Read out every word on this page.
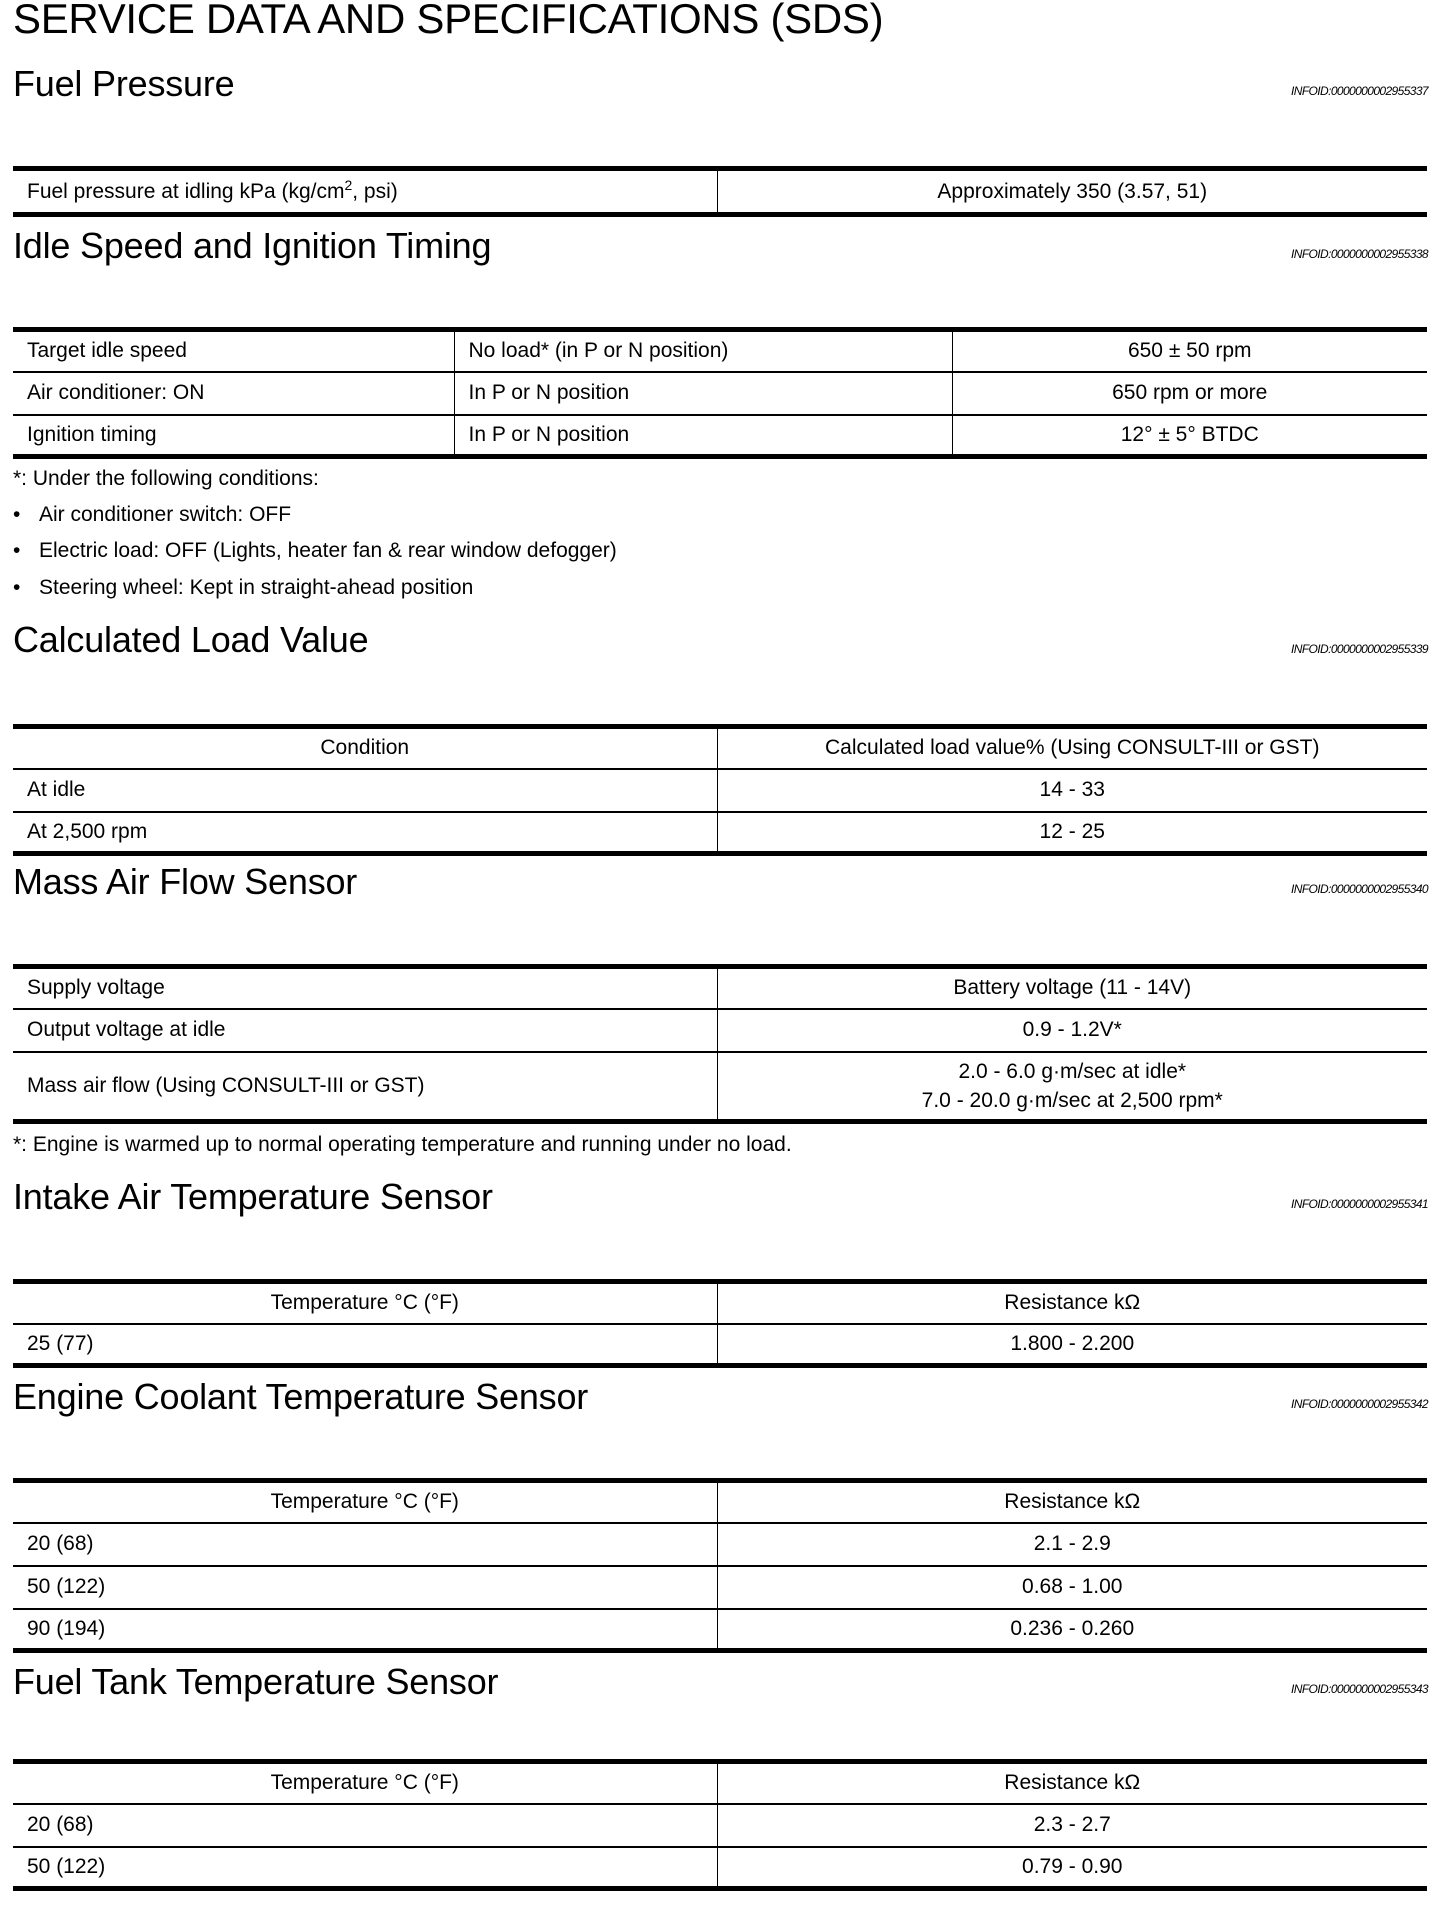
SERVICE DATA AND SPECIFICATIONS (SDS)
Fuel Pressure	INFOID:0000000002955337
Fuel pressure at idling kPa ($kg/cm^2$, psi)	Approximately 350 (3.57, 51)
Idle Speed and Ignition Timing	INFOID:0000000002955338
Target idle speed	No load* (in P or N position)	650 ± 50 rpm
Air conditioner: ON	In P or N position	650 rpm or more
Ignition timing	In P or N position	12° ± 5° BTDC
*: Under the following conditions:
• Air conditioner switch: OFF
• Electric load: OFF (Lights, heater fan & rear window defogger)
• Steering wheel: Kept in straight-ahead position
Calculated Load Value	INFOID:0000000002955339
Condition	Calculated load value% (Using CONSULT-III or GST)
At idle	14 - 33
At 2,500 rpm	12 - 25
Mass Air Flow Sensor	INFOID:0000000002955340
Supply voltage	Battery voltage (11 - 14V)
Output voltage at idle	0.9 - 1.2V*
Mass air flow (Using CONSULT-III or GST)	2.0 - 6.0 g·m/sec at idle*
7.0 - 20.0 g·m/sec at 2,500 rpm*
*: Engine is warmed up to normal operating temperature and running under no load.
Intake Air Temperature Sensor	INFOID:0000000002955341
Temperature °C (°F)	Resistance kΩ
25 (77)	1.800 - 2.200
Engine Coolant Temperature Sensor	INFOID:0000000002955342
Temperature °C (°F)	Resistance kΩ
20 (68)	2.1 - 2.9
50 (122)	0.68 - 1.00
90 (194)	0.236 - 0.260
Fuel Tank Temperature Sensor	INFOID:0000000002955343
Temperature °C (°F)	Resistance kΩ
20 (68)	2.3 - 2.7
50 (122)	0.79 - 0.90
